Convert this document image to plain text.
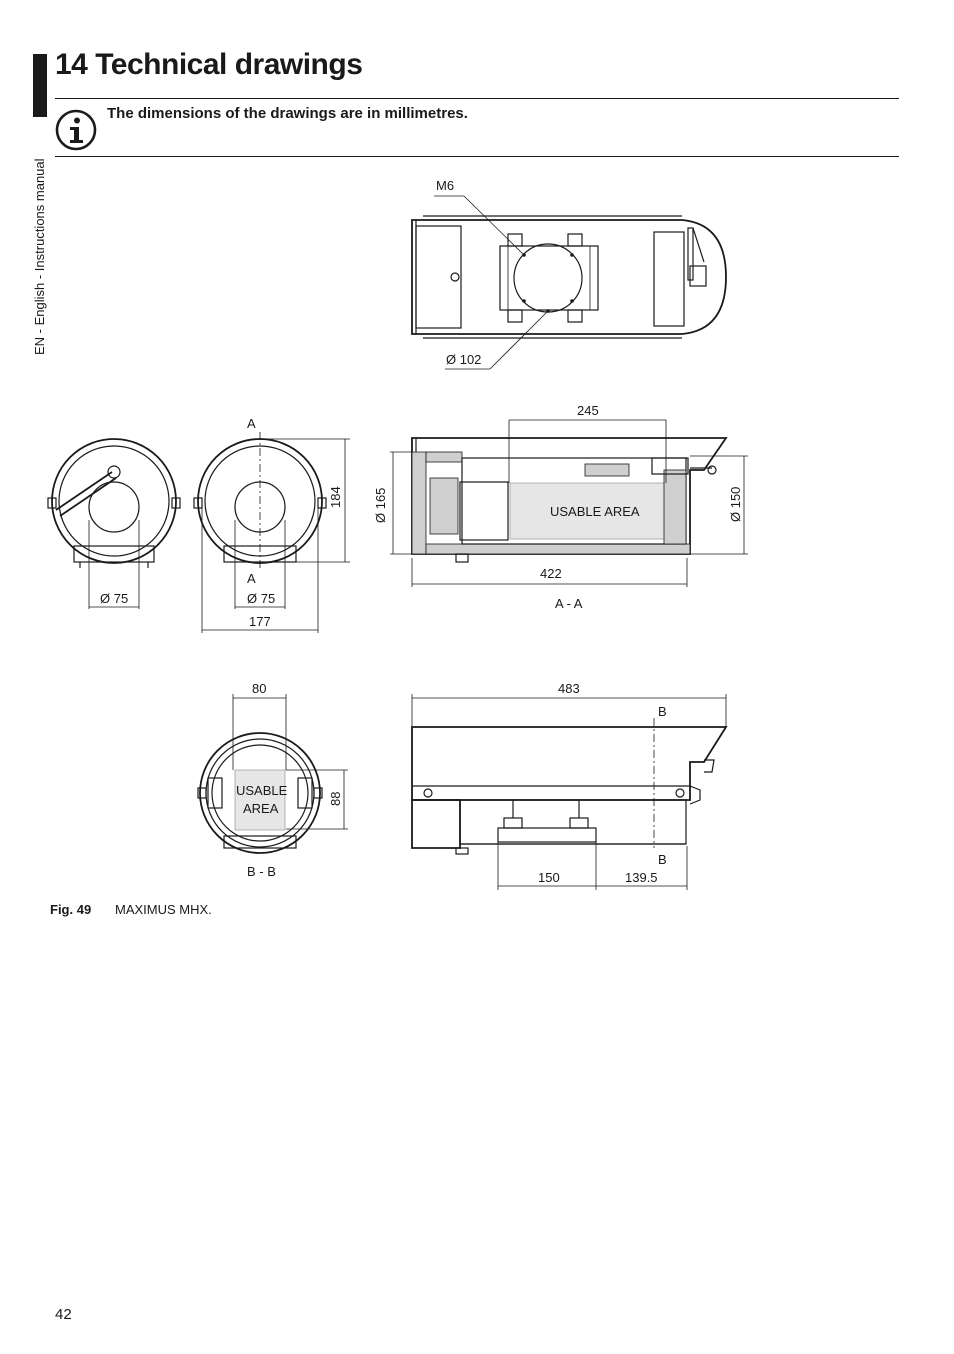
14 Technical drawings
EN - English - Instructions manual
The dimensions of the drawings are in millimetres.
M6
Ø 102
Ø 75
A
A
Ø 75
177
184
245
USABLE AREA
Ø 165
422
A - A
Ø 150
80
USABLE
AREA
88
B - B
483
B
B
150	139.5
Fig. 49 MAXIMUS MHX.
42
